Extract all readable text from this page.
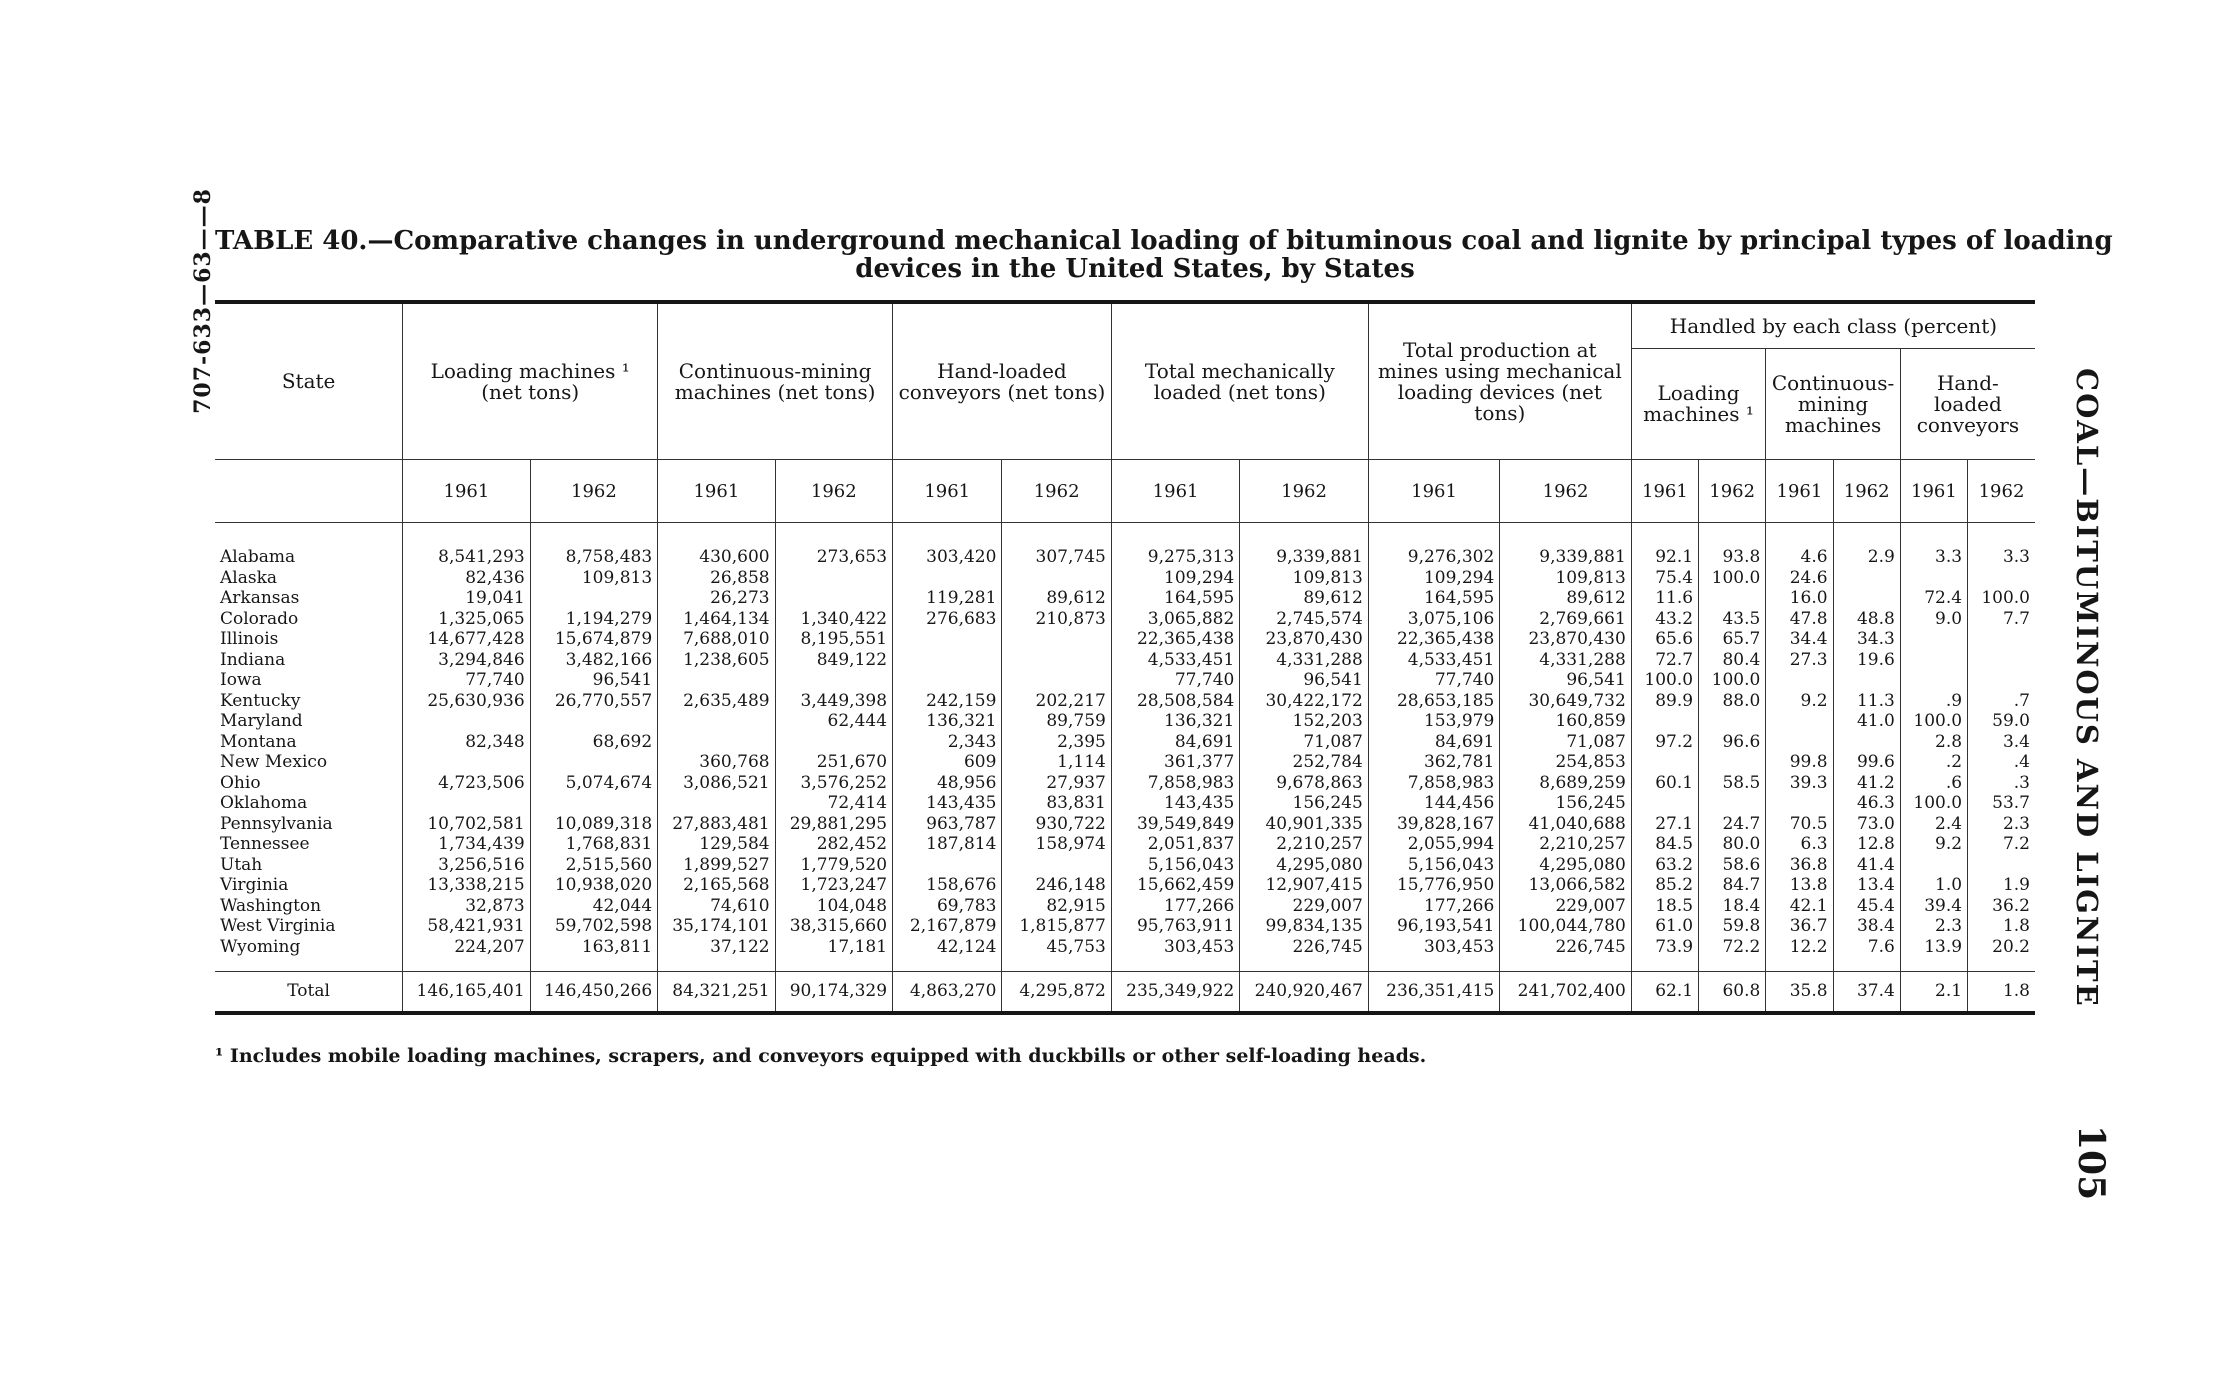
707-633—63——8
COAL—BITUMINOUS AND LIGNITE
105
TABLE 40.—Comparative changes in underground mechanical loading of bituminous coal and lignite by principal types of loading
devices in the United States, by States
State	Loading machines ¹ (net tons)		Continuous-mining machines (net tons)		Hand-loaded conveyors (net tons)		Total mechanically loaded (net tons)		Total production at mines using mechanical loading devices (net tons)		Handled by each class (percent)					
											Loading machines ¹		Continuous-mining machines		Hand-loaded conveyors	
	1961	1962	1961	1962	1961	1962	1961	1962	1961	1962	1961	1962	1961	1962	1961	1962
Alabama	8,541,293	8,758,483	430,600	273,653	303,420	307,745	9,275,313	9,339,881	9,276,302	9,339,881	92.1	93.8	4.6	2.9	3.3	3.3
Alaska	82,436	109,813	26,858				109,294	109,813	109,294	109,813	75.4	100.0	24.6			
Arkansas	19,041		26,273		119,281	89,612	164,595	89,612	164,595	89,612	11.6		16.0		72.4	100.0
Colorado	1,325,065	1,194,279	1,464,134	1,340,422	276,683	210,873	3,065,882	2,745,574	3,075,106	2,769,661	43.2	43.5	47.8	48.8	9.0	7.7
Illinois	14,677,428	15,674,879	7,688,010	8,195,551			22,365,438	23,870,430	22,365,438	23,870,430	65.6	65.7	34.4	34.3		
Indiana	3,294,846	3,482,166	1,238,605	849,122			4,533,451	4,331,288	4,533,451	4,331,288	72.7	80.4	27.3	19.6		
Iowa	77,740	96,541					77,740	96,541	77,740	96,541	100.0	100.0				
Kentucky	25,630,936	26,770,557	2,635,489	3,449,398	242,159	202,217	28,508,584	30,422,172	28,653,185	30,649,732	89.9	88.0	9.2	11.3	.9	.7
Maryland				62,444	136,321	89,759	136,321	152,203	153,979	160,859				41.0	100.0	59.0
Montana	82,348	68,692			2,343	2,395	84,691	71,087	84,691	71,087	97.2	96.6			2.8	3.4
New Mexico			360,768	251,670	609	1,114	361,377	252,784	362,781	254,853			99.8	99.6	.2	.4
Ohio	4,723,506	5,074,674	3,086,521	3,576,252	48,956	27,937	7,858,983	9,678,863	7,858,983	8,689,259	60.1	58.5	39.3	41.2	.6	.3
Oklahoma				72,414	143,435	83,831	143,435	156,245	144,456	156,245				46.3	100.0	53.7
Pennsylvania	10,702,581	10,089,318	27,883,481	29,881,295	963,787	930,722	39,549,849	40,901,335	39,828,167	41,040,688	27.1	24.7	70.5	73.0	2.4	2.3
Tennessee	1,734,439	1,768,831	129,584	282,452	187,814	158,974	2,051,837	2,210,257	2,055,994	2,210,257	84.5	80.0	6.3	12.8	9.2	7.2
Utah	3,256,516	2,515,560	1,899,527	1,779,520			5,156,043	4,295,080	5,156,043	4,295,080	63.2	58.6	36.8	41.4		
Virginia	13,338,215	10,938,020	2,165,568	1,723,247	158,676	246,148	15,662,459	12,907,415	15,776,950	13,066,582	85.2	84.7	13.8	13.4	1.0	1.9
Washington	32,873	42,044	74,610	104,048	69,783	82,915	177,266	229,007	177,266	229,007	18.5	18.4	42.1	45.4	39.4	36.2
West Virginia	58,421,931	59,702,598	35,174,101	38,315,660	2,167,879	1,815,877	95,763,911	99,834,135	96,193,541	100,044,780	61.0	59.8	36.7	38.4	2.3	1.8
Wyoming	224,207	163,811	37,122	17,181	42,124	45,753	303,453	226,745	303,453	226,745	73.9	72.2	12.2	7.6	13.9	20.2
Total	146,165,401	146,450,266	84,321,251	90,174,329	4,863,270	4,295,872	235,349,922	240,920,467	236,351,415	241,702,400	62.1	60.8	35.8	37.4	2.1	1.8
¹ Includes mobile loading machines, scrapers, and conveyors equipped with duckbills or other self-loading heads.
